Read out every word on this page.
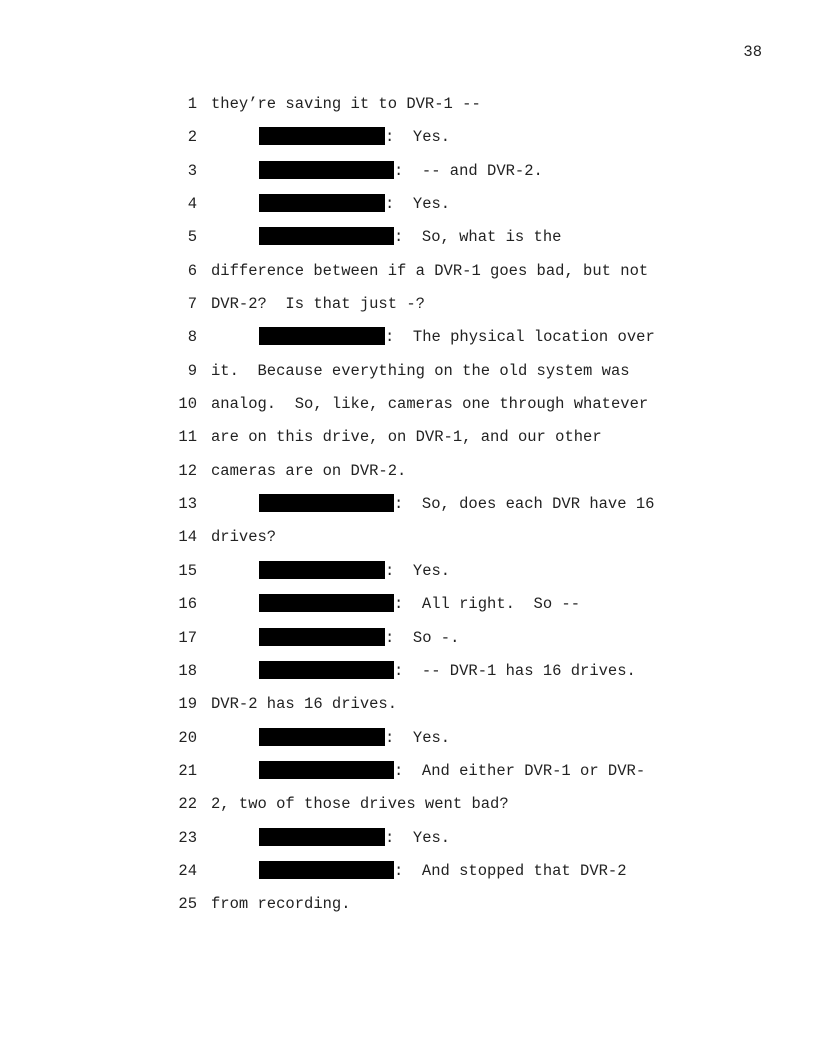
38
1 they’re saving it to DVR-1 --
2	:  Yes.
3	:  -- and DVR-2.
4	:  Yes.
5	:  So, what is the
6 difference between if a DVR-1 goes bad, but not
7 DVR-2?  Is that just -?
8	:  The physical location over
9 it.  Because everything on the old system was
10 analog.  So, like, cameras one through whatever
11 are on this drive, on DVR-1, and our other
12 cameras are on DVR-2.
13	:  So, does each DVR have 16
14 drives?
15	:  Yes.
16	:  All right.  So --
17	:  So -.
18	:  -- DVR-1 has 16 drives.
19 DVR-2 has 16 drives.
20	:  Yes.
21	:  And either DVR-1 or DVR-
22 2, two of those drives went bad?
23	:  Yes.
24	:  And stopped that DVR-2
25 from recording.
